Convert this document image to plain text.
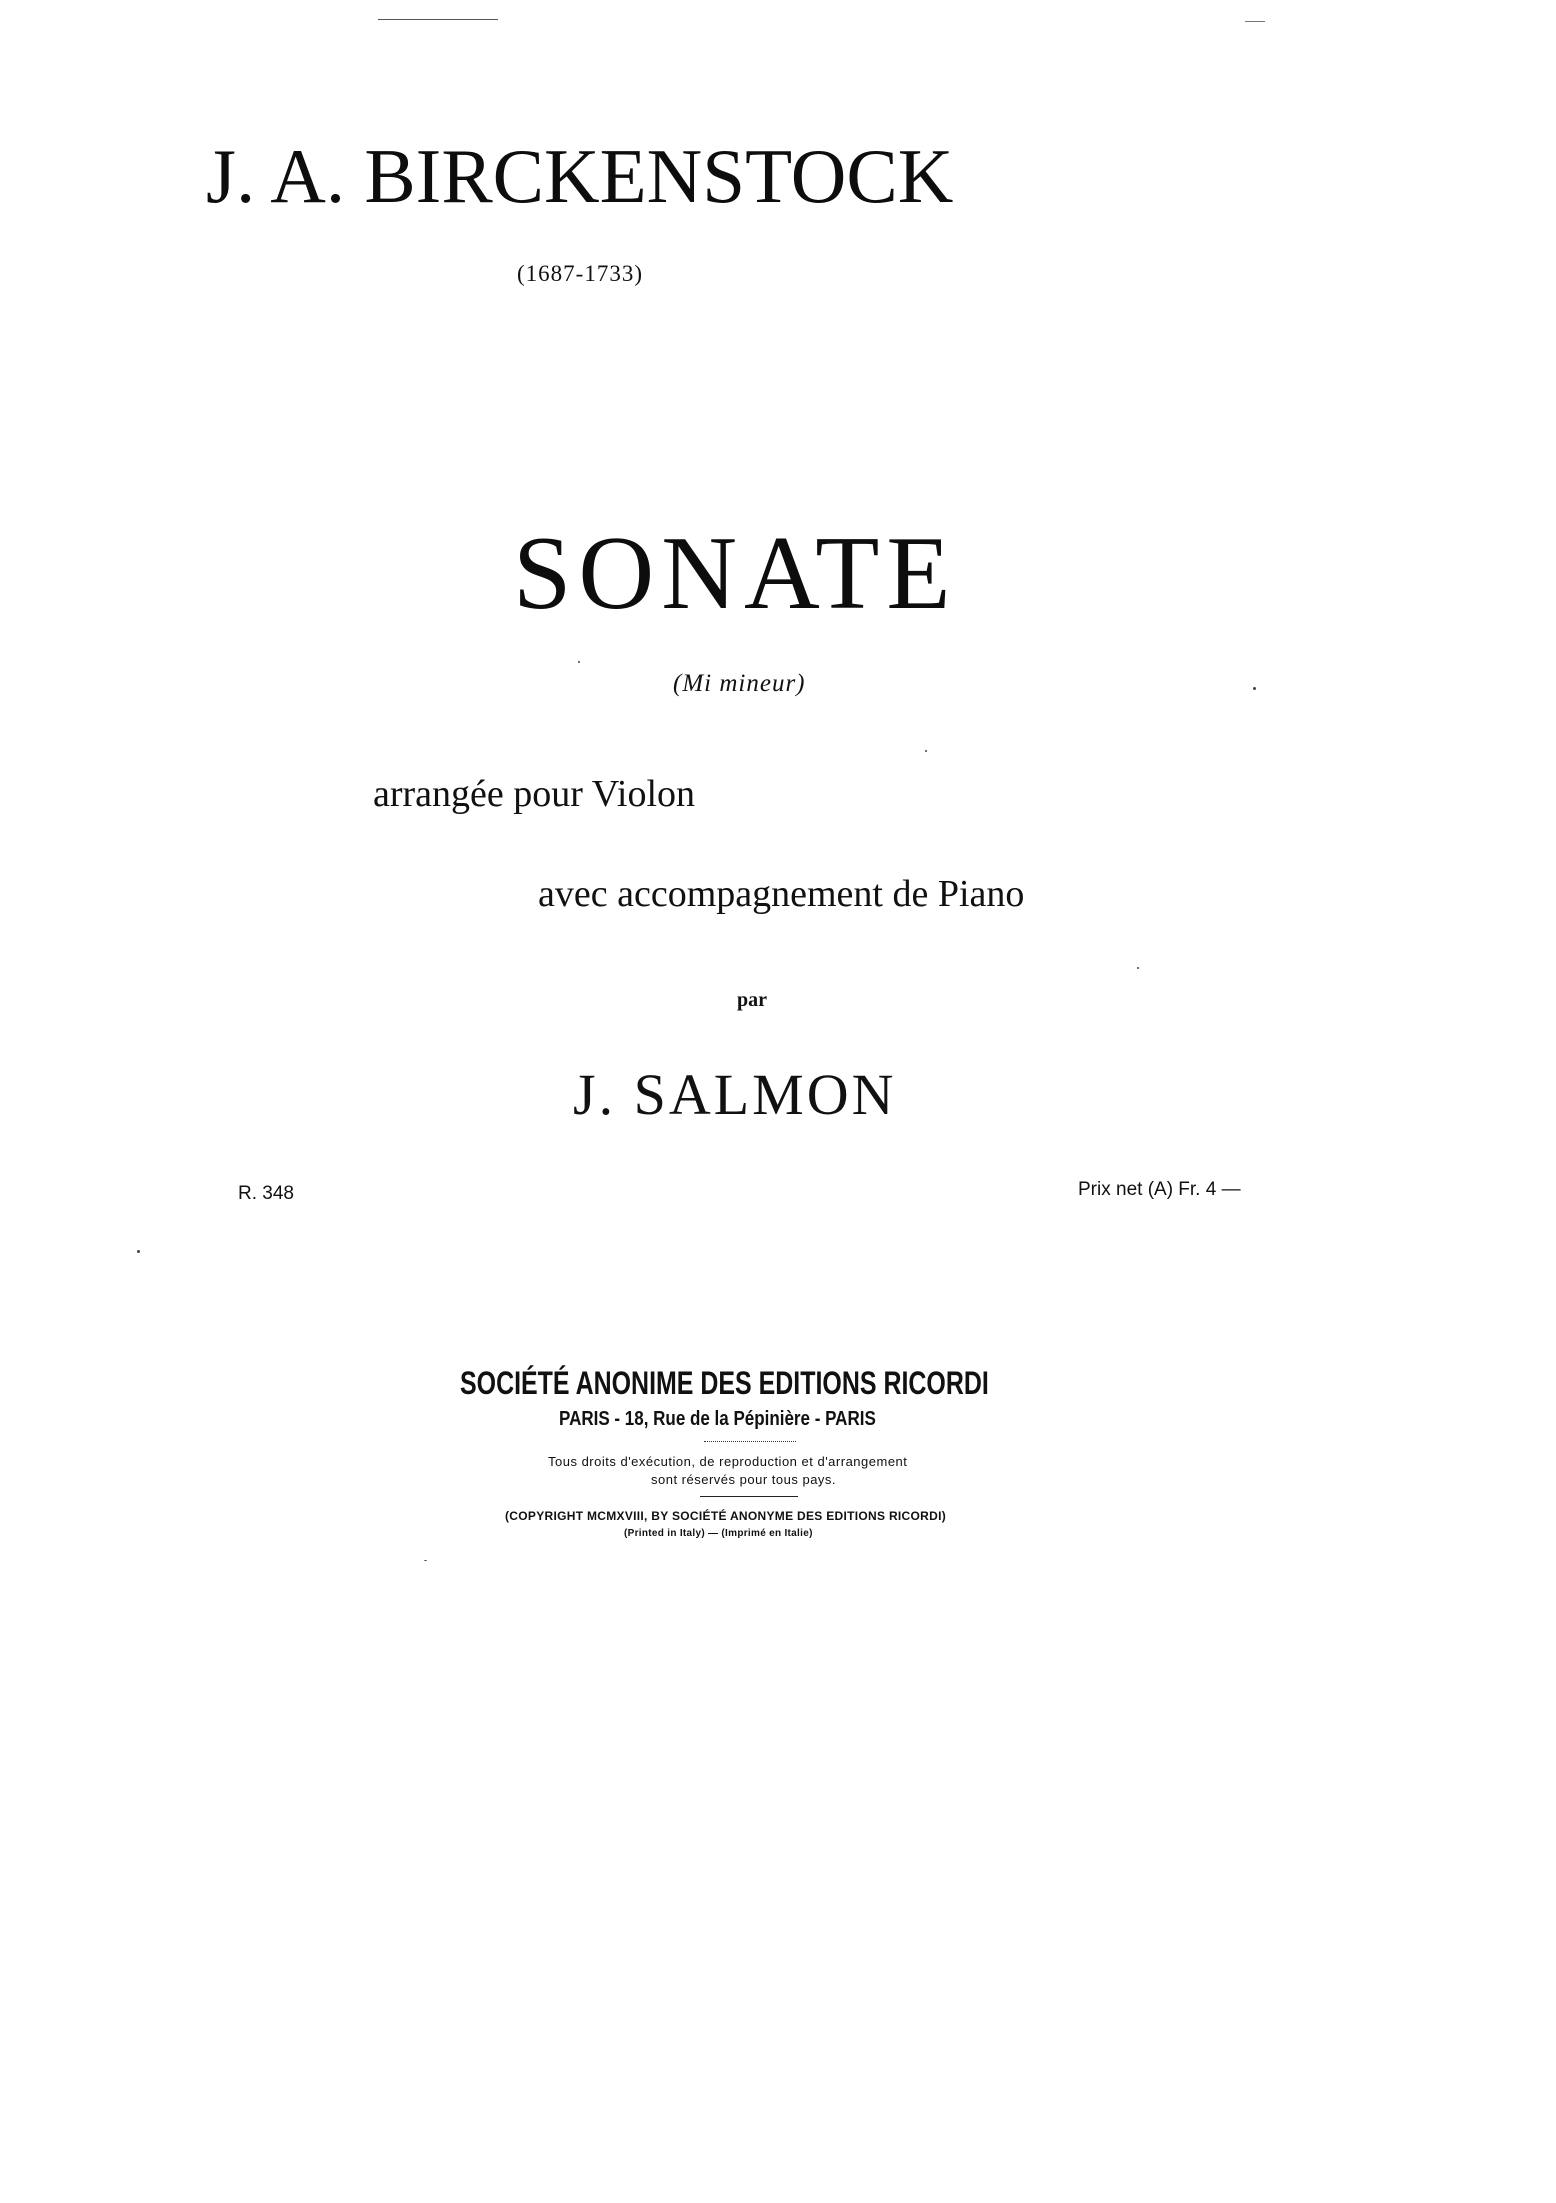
J. A. BIRCKENSTOCK
(1687-1733)
SONATE
(Mi mineur)
arrangée pour Violon
avec accompagnement de Piano
par
J. SALMON
R. 348	Prix net (A) Fr. 4 —
SOCIÉTÉ ANONIME DES EDITIONS RICORDI
PARIS - 18, Rue de la Pépinière - PARIS
Tous droits d'exécution, de reproduction et d'arrangement
sont réservés pour tous pays.
(COPYRIGHT MCMXVIII, BY SOCIÉTÉ ANONYME DES EDITIONS RICORDI)
(Printed in Italy) — (Imprimé en Italie)
